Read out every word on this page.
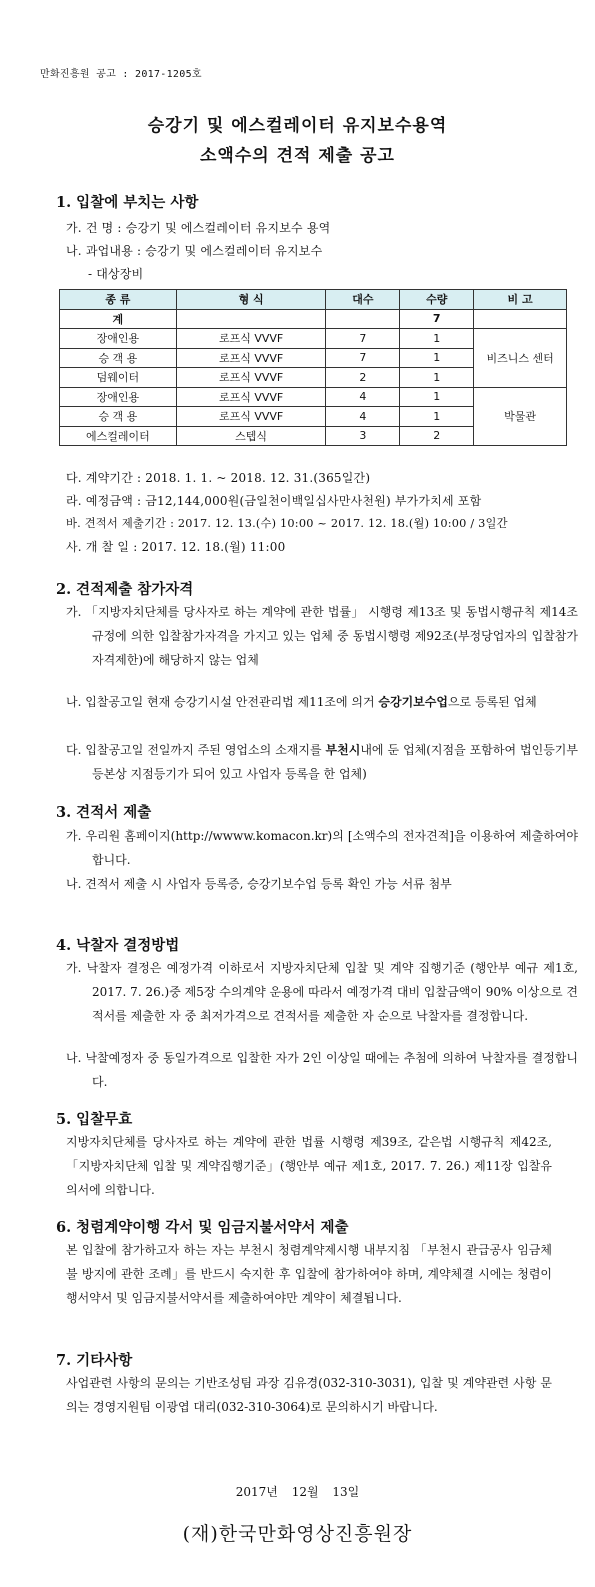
만화진흥원 공고 : 2017-1205호
승강기 및 에스컬레이터 유지보수용역
소액수의 견적 제출 공고
1. 입찰에 부치는 사항
가. 건 명 : 승강기 및 에스컬레이터 유지보수 용역
나. 과업내용 : 승강기 및 에스컬레이터 유지보수
- 대상장비
종 류	형 식	대수	수량	비 고
계			7	
장애인용	로프식 VVVF	7	1	비즈니스 센터
승 객 용	로프식 VVVF	7	1	
덤웨이터	로프식 VVVF	2	1	
장애인용	로프식 VVVF	4	1	박물관
승 객 용	로프식 VVVF	4	1	
에스컬레이터	스텝식	3	2	
다. 계약기간 : 2018. 1. 1. ~ 2018. 12. 31.(365일간)
라. 예정금액 : 금12,144,000원(금일천이백일십사만사천원) 부가가치세 포함
바. 견적서 제출기간 : 2017. 12. 13.(수) 10:00 ~ 2017. 12. 18.(월) 10:00 / 3일간
사. 개 찰 일 : 2017. 12. 18.(월) 11:00
2. 견적제출 참가자격
가. 「지방자치단체를 당사자로 하는 계약에 관한 법률」 시행령 제13조 및 동법시행규칙 제14조 규정에 의한 입찰참가자격을 가지고 있는 업체 중 동법시행령 제92조(부정당업자의 입찰참가자격제한)에 해당하지 않는 업체
나. 입찰공고일 현재 승강기시설 안전관리법 제11조에 의거 승강기보수업으로 등록된 업체
다. 입찰공고일 전일까지 주된 영업소의 소재지를 부천시내에 둔 업체(지점을 포함하여 법인등기부등본상 지점등기가 되어 있고 사업자 등록을 한 업체)
3. 견적서 제출
가. 우리원 홈페이지(http://wwww.komacon.kr)의 [소액수의 전자견적]을 이용하여 제출하여야 합니다.
나. 견적서 제출 시 사업자 등록증, 승강기보수업 등록 확인 가능 서류 첨부
4. 낙찰자 결정방법
가. 낙찰자 결정은 예정가격 이하로서 지방자치단체 입찰 및 계약 집행기준 (행안부 예규 제1호, 2017. 7. 26.)중 제5장 수의계약 운용에 따라서 예정가격 대비 입찰금액이 90% 이상으로 견적서를 제출한 자 중 최저가격으로 견적서를 제출한 자 순으로 낙찰자를 결정합니다.
나. 낙찰예정자 중 동일가격으로 입찰한 자가 2인 이상일 때에는 추첨에 의하여 낙찰자를 결정합니다.
5. 입찰무효
지방자치단체를 당사자로 하는 계약에 관한 법률 시행령 제39조, 같은법 시행규칙 제42조, 「지방자치단체 입찰 및 계약집행기준」(행안부 예규 제1호, 2017. 7. 26.) 제11장 입찰유의서에 의합니다.
6. 청렴계약이행 각서 및 임금지불서약서 제출
본 입찰에 참가하고자 하는 자는 부천시 청렴계약제시행 내부지침 「부천시 관급공사 임금체불 방지에 관한 조례」를 반드시 숙지한 후 입찰에 참가하여야 하며, 계약체결 시에는 청렴이행서약서 및 임금지불서약서를 제출하여야만 계약이 체결됩니다.
7. 기타사항
사업관련 사항의 문의는 기반조성팀 과장 김유경(032-310-3031), 입찰 및 계약관련 사항 문의는 경영지원팀 이광엽 대리(032-310-3064)로 문의하시기 바랍니다.
2017년 12월 13일
(재)한국만화영상진흥원장
